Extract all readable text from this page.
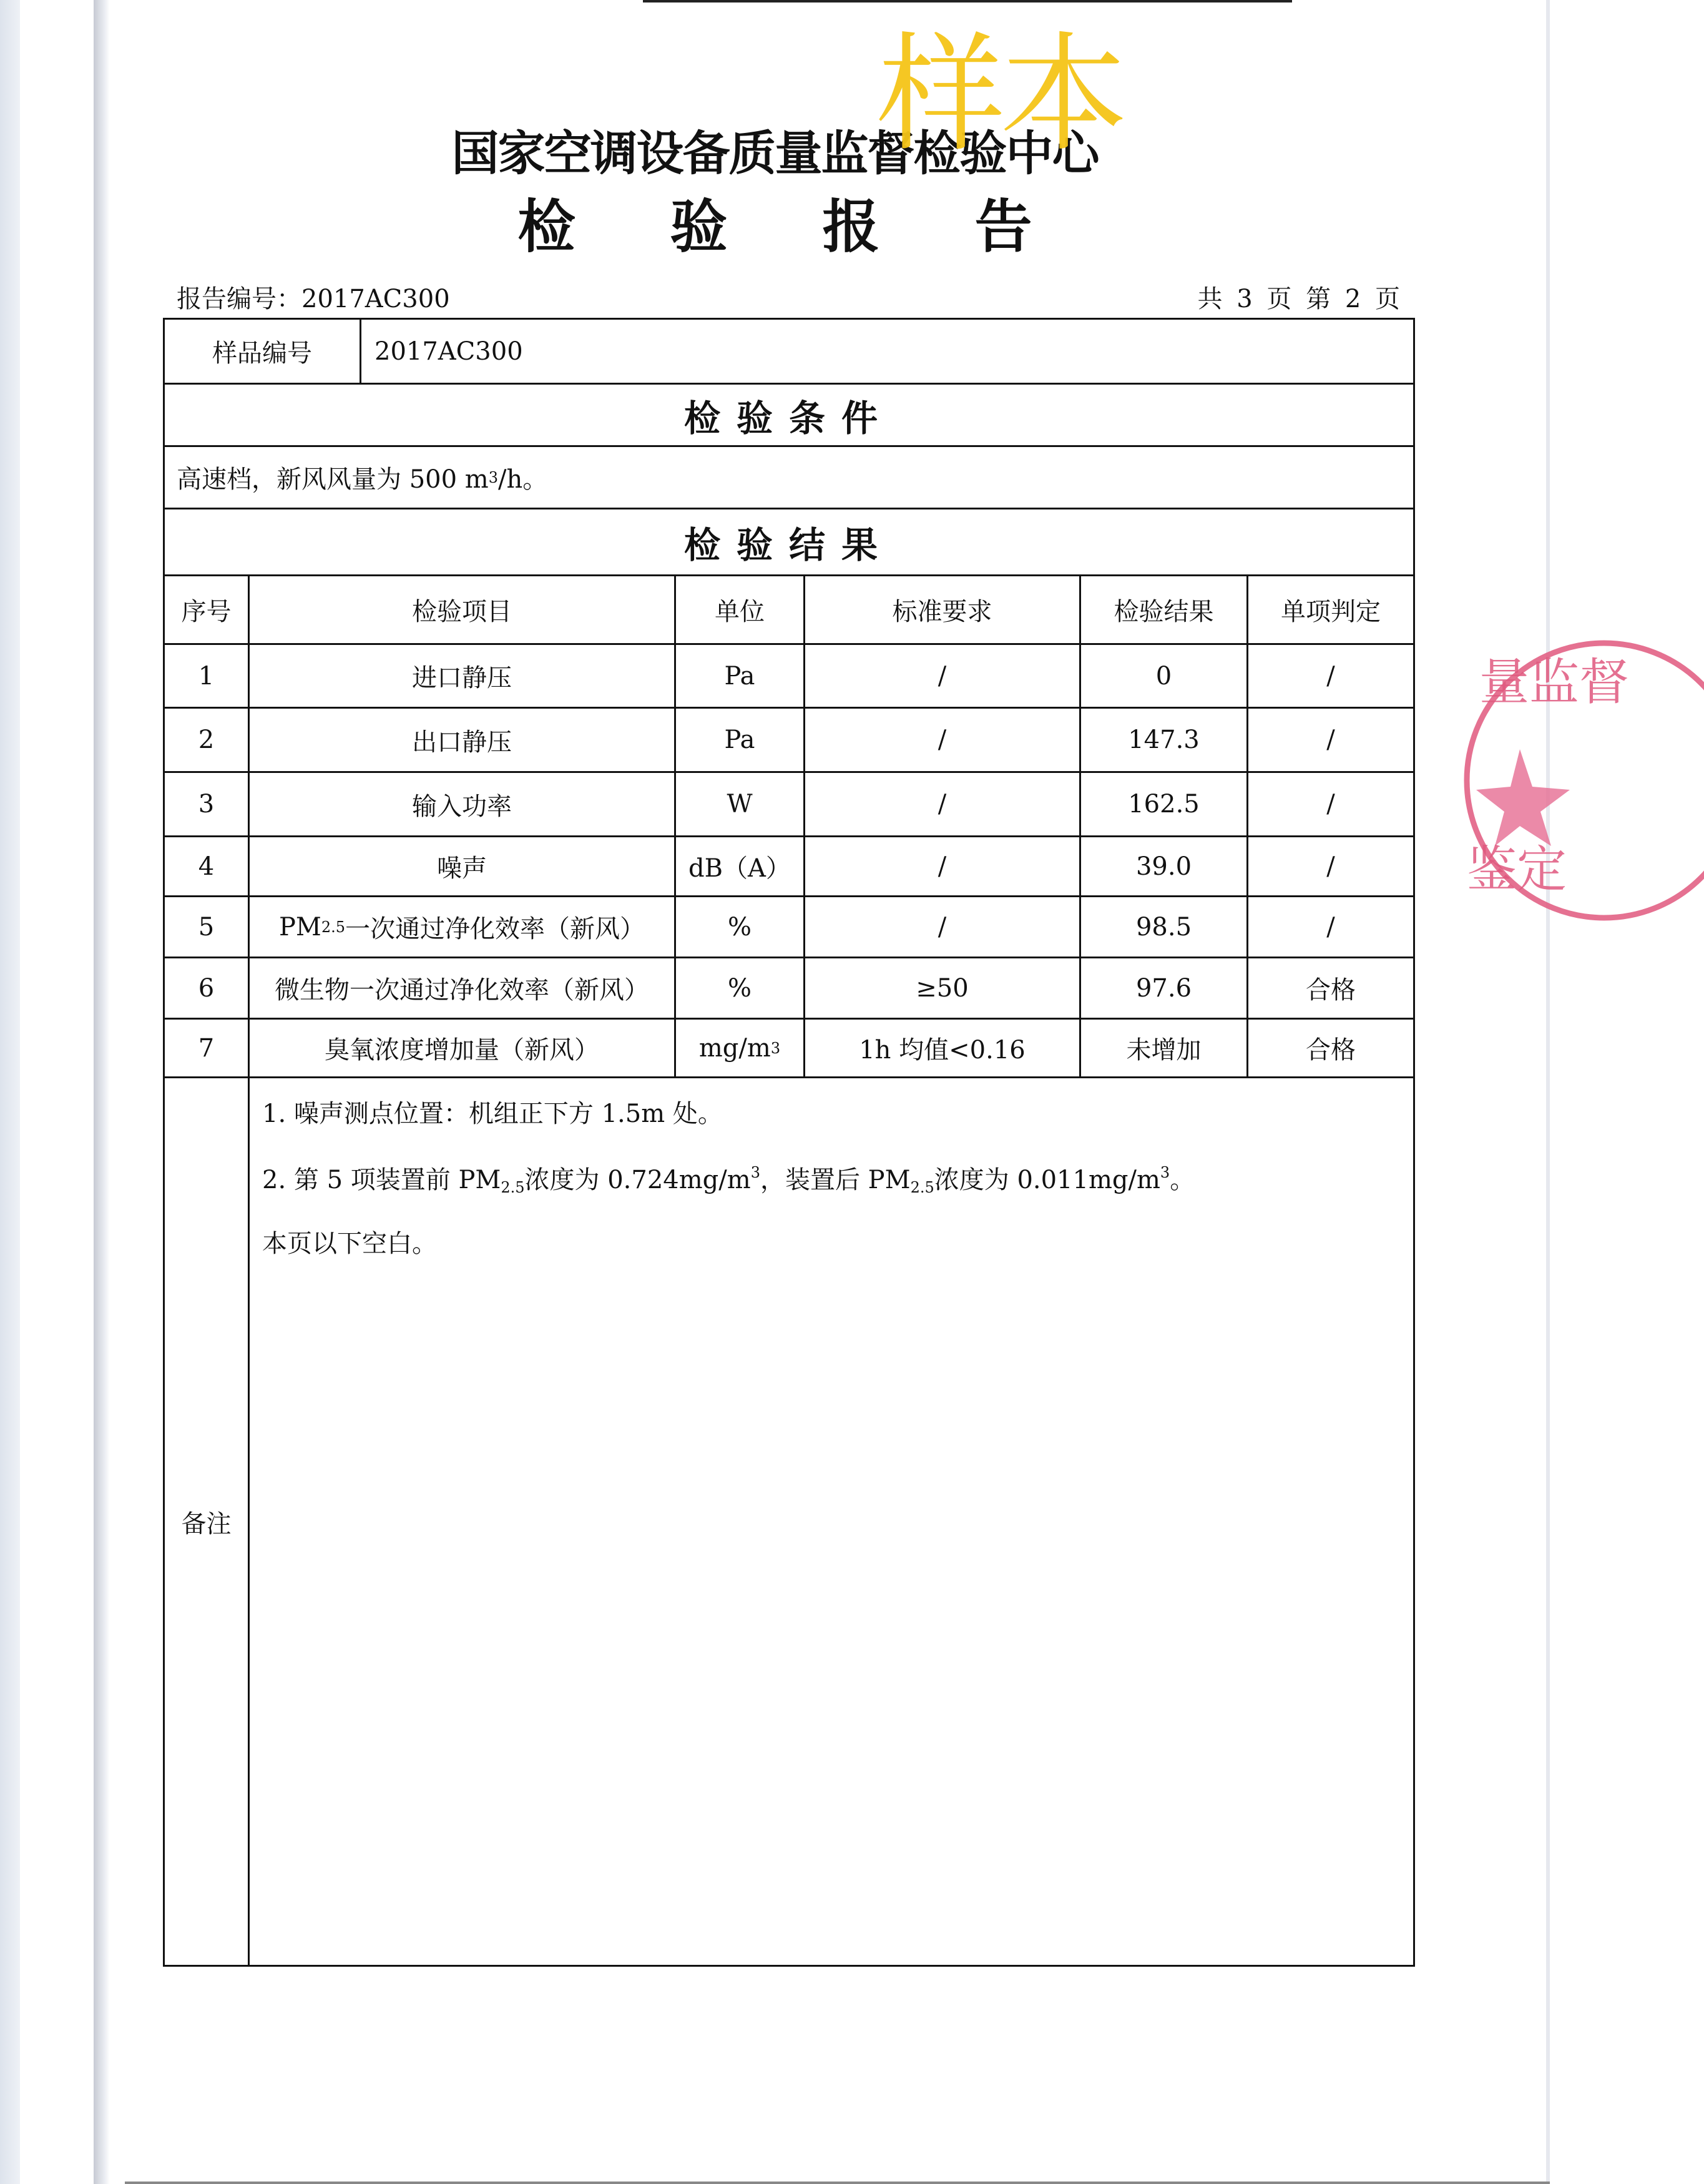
国家空调设备质量监督检验中心
检 验 报 告
样本
报告编号：2017AC300	共 3 页 第 2 页
样品编号	2017AC300
检验条件
高速档，新风风量为 500 m 3 /h。
检验结果
序号	检验项目	单位	标准要求	检验结果	单项判定
1	进口静压	Pa	/	0	/
2	出口静压	Pa	/	147.3	/
3	输入功率	W	/	162.5	/
4	噪声	dB（A）	/	39.0	/
5	PM 2.5 一次通过净化效率（新风）	%	/	98.5	/
6	微生物一次通过净化效率（新风）	%	≥50	97.6	合格
7	臭氧浓度增加量（新风）	mg/m 3	1h 均值<0.16	未增加	合格
备注
1. 噪声测点位置：机组正下方 1.5m 处。
2. 第 5 项装置前 $PM_{2.5}$浓度为 $0.724mg/m^3$，装置后 $PM_{2.5}$浓度为 $0.011mg/m^3$。
本页以下空白。
量监督
鉴定
